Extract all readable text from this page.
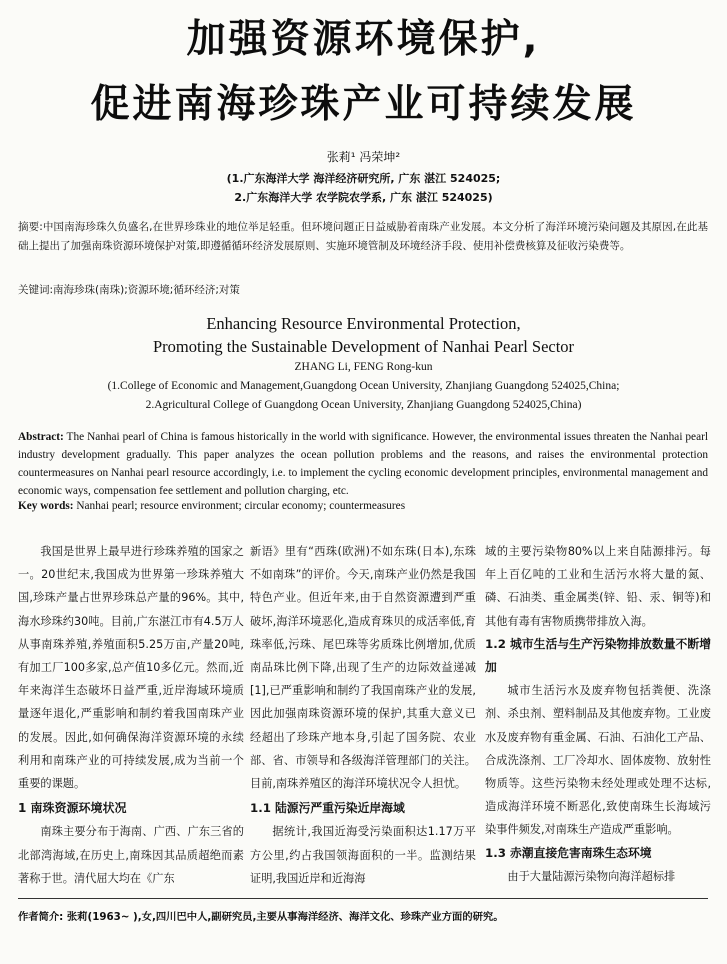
加强资源环境保护,
促进南海珍珠产业可持续发展
张莉¹ 冯荣坤²
(1.广东海洋大学 海洋经济研究所, 广东 湛江 524025;
2.广东海洋大学 农学院农学系, 广东 湛江 524025)
摘要:中国南海珍珠久负盛名,在世界珍珠业的地位举足轻重。但环境问题正日益威胁着南珠产业发展。本文分析了海洋环境污染问题及其原因,在此基础上提出了加强南珠资源环境保护对策,即遵循循环经济发展原则、实施环境管制及环境经济手段、使用补偿费核算及征收污染费等。
关键词:南海珍珠(南珠);资源环境;循环经济;对策
Enhancing Resource Environmental Protection,
Promoting the Sustainable Development of Nanhai Pearl Sector
ZHANG Li, FENG Rong-kun
(1.College of Economic and Management,Guangdong Ocean University, Zhanjiang Guangdong 524025,China;
2.Agricultural College of Guangdong Ocean University, Zhanjiang Guangdong 524025,China)
Abstract: The Nanhai pearl of China is famous historically in the world with significance. However, the environmental issues threaten the Nanhai pearl industry development gradually. This paper analyzes the ocean pollution problems and the reasons, and raises the environmental protection countermeasures on Nanhai pearl resource accordingly, i.e. to implement the cycling economic development principles, environmental management and economic ways, compensation fee settlement and pollution charging, etc.
Key words: Nanhai pearl; resource environment; circular economy; countermeasures

我国是世界上最早进行珍珠养殖的国家之一。20世纪末,我国成为世界第一珍珠养殖大国,珍珠产量占世界珍珠总产量的96%。其中,海水珍珠约30吨。目前,广东湛江市有4.5万人从事南珠养殖,养殖面积5.25万亩,产量20吨,有加工厂100多家,总产值10多亿元。然而,近年来海洋生态破坏日益严重,近岸海域环境质量逐年退化,严重影响和制约着我国南珠产业的发展。因此,如何确保海洋资源环境的永续利用和南珠产业的可持续发展,成为当前一个重要的课题。

1 南珠资源环境状况

南珠主要分布于海南、广西、广东三省的北部湾海域,在历史上,南珠因其品质超绝而素著称于世。清代屈大均在《广东

新语》里有“西珠(欧洲)不如东珠(日本),东珠不如南珠”的评价。今天,南珠产业仍然是我国特色产业。但近年来,由于自然资源遭到严重破坏,海洋环境恶化,造成育珠贝的成活率低,育珠率低,污珠、尾巴珠等劣质珠比例增加,优质南品珠比例下降,出现了生产的边际效益递减[1],已严重影响和制约了我国南珠产业的发展,因此加强南珠资源环境的保护,其重大意义已经超出了珍珠产地本身,引起了国务院、农业部、省、市领导和各级海洋管理部门的关注。目前,南珠养殖区的海洋环境状况令人担忧。

1.1 陆源污严重污染近岸海域

据统计,我国近海受污染面积达1.17万平方公里,约占我国领海面积的一半。监测结果证明,我国近岸和近海海

域的主要污染物80%以上来自陆源排污。每年上百亿吨的工业和生活污水将大量的氮、磷、石油类、重金属类(锌、铅、汞、铜等)和其他有毒有害物质携带排放入海。

1.2 城市生活与生产污染物排放数量不断增加

城市生活污水及废弃物包括粪便、洗涤剂、杀虫剂、塑料制品及其他废弃物。工业废水及废弃物有重金属、石油、石油化工产品、合成洗涤剂、工厂冷却水、固体废物、放射性物质等。这些污染物未经处理或处理不达标,造成海洋环境不断恶化,致使南珠生长海域污染事件频发,对南珠生产造成严重影响。

1.3 赤潮直接危害南珠生态环境

由于大量陆源污染物向海洋超标排

作者简介: 张莉(1963~ ),女,四川巴中人,副研究员,主要从事海洋经济、海洋文化、珍珠产业方面的研究。
